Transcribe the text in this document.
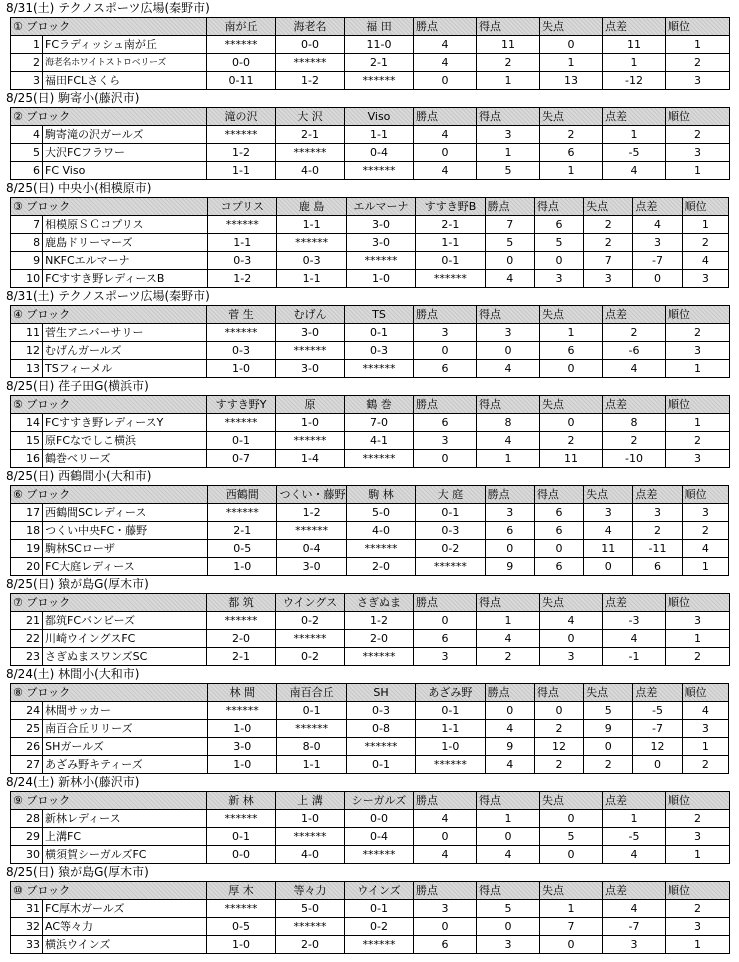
8/31(土) テクノスポーツ広場(秦野市)
① ブロック		南が丘	海老名	福 田	勝点	得点	失点	点差	順位
1	FCラディッシュ南が丘	******	0-0	11-0	4	11	0	11	1
2	海老名ホワイトストロベリーズ	0-0	******	2-1	4	2	1	1	2
3	福田FCLさくら	0-11	1-2	******	0	1	13	-12	3
8/25(日) 駒寄小(藤沢市)
② ブロック		滝の沢	大 沢	Viso	勝点	得点	失点	点差	順位
4	駒寄滝の沢ガールズ	******	2-1	1-1	4	3	2	1	2
5	大沢FCフラワー	1-2	******	0-4	0	1	6	-5	3
6	FC Viso	1-1	4-0	******	4	5	1	4	1
8/25(日) 中央小(相模原市)
③ ブロック		コプリス	鹿 島	エルマーナ	すすき野B	勝点	得点	失点	点差	順位
7	相模原ＳＣコプリス	******	1-1	3-0	2-1	7	6	2	4	1
8	鹿島ドリーマーズ	1-1	******	3-0	1-1	5	5	2	3	2
9	NKFCエルマーナ	0-3	0-3	******	0-1	0	0	7	-7	4
10	FCすすき野レディースB	1-2	1-1	1-0	******	4	3	3	0	3
8/31(土) テクノスポーツ広場(秦野市)
④ ブロック		菅 生	むげん	TS	勝点	得点	失点	点差	順位
11	菅生アニバーサリー	******	3-0	0-1	3	3	1	2	2
12	むげんガールズ	0-3	******	0-3	0	0	6	-6	3
13	TSフィーメル	1-0	3-0	******	6	4	0	4	1
8/25(日) 荏子田G(横浜市)
⑤ ブロック		すすき野Y	原	鶴 巻	勝点	得点	失点	点差	順位
14	FCすすき野レディースY	******	1-0	7-0	6	8	0	8	1
15	原FCなでしこ横浜	0-1	******	4-1	3	4	2	2	2
16	鶴巻ベリーズ	0-7	1-4	******	0	1	11	-10	3
8/25(日) 西鶴間小(大和市)
⑥ ブロック		西鶴間	つくい・藤野	駒 林	大 庭	勝点	得点	失点	点差	順位
17	西鶴間SCレディース	******	1-2	5-0	0-1	3	6	3	3	3
18	つくい中央FC・藤野	2-1	******	4-0	0-3	6	6	4	2	2
19	駒林SCローザ	0-5	0-4	******	0-2	0	0	11	-11	4
20	FC大庭レディース	1-0	3-0	2-0	******	9	6	0	6	1
8/25(日) 猿が島G(厚木市)
⑦ ブロック		都 筑	ウイングス	さぎぬま	勝点	得点	失点	点差	順位
21	都筑FCバンビーズ	******	0-2	1-2	0	1	4	-3	3
22	川崎ウイングスFC	2-0	******	2-0	6	4	0	4	1
23	さぎぬまスワンズSC	2-1	0-2	******	3	2	3	-1	2
8/24(土) 林間小(大和市)
⑧ ブロック		林 間	南百合丘	SH	あざみ野	勝点	得点	失点	点差	順位
24	林間サッカー	******	0-1	0-3	0-1	0	0	5	-5	4
25	南百合丘リリーズ	1-0	******	0-8	1-1	4	2	9	-7	3
26	SHガールズ	3-0	8-0	******	1-0	9	12	0	12	1
27	あざみ野キティーズ	1-0	1-1	0-1	******	4	2	2	0	2
8/24(土) 新林小(藤沢市)
⑨ ブロック		新 林	上 溝	シーガルズ	勝点	得点	失点	点差	順位
28	新林レディース	******	1-0	0-0	4	1	0	1	2
29	上溝FC	0-1	******	0-4	0	0	5	-5	3
30	横須賀シーガルズFC	0-0	4-0	******	4	4	0	4	1
8/25(日) 猿が島G(厚木市)
⑩ ブロック		厚 木	等々力	ウインズ	勝点	得点	失点	点差	順位
31	FC厚木ガールズ	******	5-0	0-1	3	5	1	4	2
32	AC等々力	0-5	******	0-2	0	0	7	-7	3
33	横浜ウインズ	1-0	2-0	******	6	3	0	3	1
